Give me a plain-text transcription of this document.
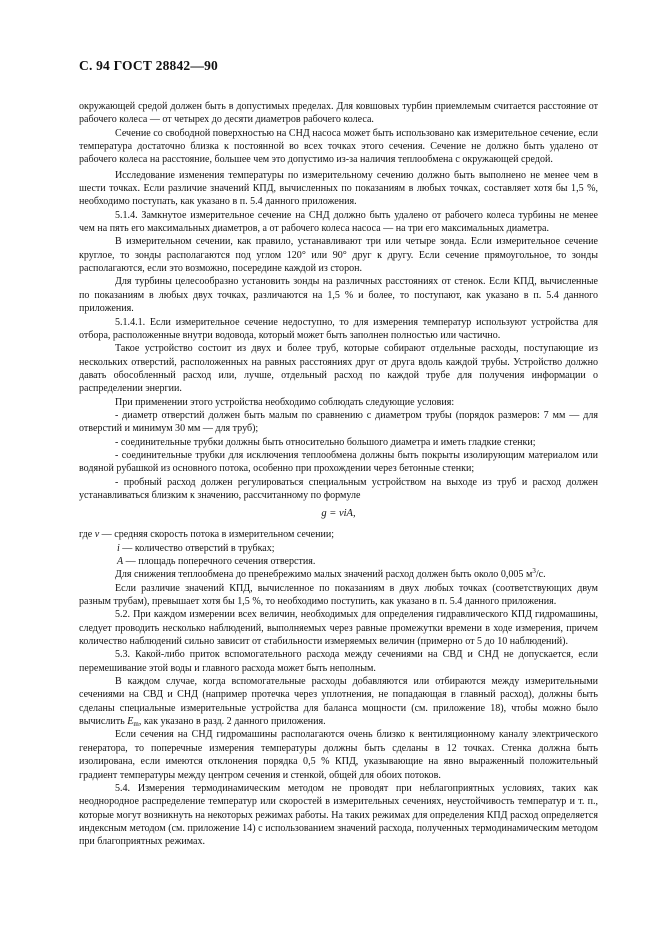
С. 94 ГОСТ 28842—90

окружающей средой должен быть в допустимых пределах. Для ковшовых турбин приемлемым считается расстояние от рабочего колеса — от четырех до десяти диаметров рабочего колеса.

Сечение со свободной поверхностью на СНД насоса может быть использовано как измерительное сечение, если температура достаточно близка к постоянной во всех точках этого сечения. Сечение не должно быть удалено от рабочего колеса на расстояние, большее чем это допустимо из-за наличия теплообмена с окружающей средой.

Исследование изменения температуры по измерительному сечению должно быть выполнено не менее чем в шести точках. Если различие значений КПД, вычисленных по показаниям в любых точках, составляет хотя бы 1,5 %, необходимо поступать, как указано в п. 5.4 данного приложения.

5.1.4. Замкнутое измерительное сечение на СНД должно быть удалено от рабочего колеса турбины не менее чем на пять его максимальных диаметров, а от рабочего колеса насоса — на три его максимальных диаметра.

В измерительном сечении, как правило, устанавливают три или четыре зонда. Если измерительное сечение круглое, то зонды располагаются под углом 120° или 90° друг к другу. Если сечение прямоугольное, то зонды располагаются, если это возможно, посередине каждой из сторон.

Для турбины целесообразно установить зонды на различных расстояниях от стенок. Если КПД, вычисленные по показаниям в любых двух точках, различаются на 1,5 % и более, то поступают, как указано в п. 5.4 данного приложения.

5.1.4.1. Если измерительное сечение недоступно, то для измерения температур используют устройства для отбора, расположенные внутри водовода, который может быть заполнен полностью или частично.

Такое устройство состоит из двух и более труб, которые собирают отдельные расходы, поступающие из нескольких отверстий, расположенных на равных расстояниях друг от друга вдоль каждой трубы. Устройство должно давать обособленный расход или, лучше, отдельный расход по каждой трубе для получения информации о распределении энергии.

При применении этого устройства необходимо соблюдать следующие условия:

- диаметр отверстий должен быть малым по сравнению с диаметром трубы (порядок размеров: 7 мм — для отверстий и минимум 30 мм — для труб);

- соединительные трубки должны быть относительно большого диаметра и иметь гладкие стенки;

- соединительные трубки для исключения теплообмена должны быть покрыты изолирующим материалом или водяной рубашкой из основного потока, особенно при прохождении через бетонные стенки;

- пробный расход должен регулироваться специальным устройством на выходе из труб и расход должен устанавливаться близким к значению, рассчитанному по формуле

g = viA,

где v — средняя скорость потока в измерительном сечении;

i — количество отверстий в трубках;

A — площадь поперечного сечения отверстия.

Для снижения теплообмена до пренебрежимо малых значений расход должен быть около 0,005 $м^3/с$.

Если различие значений КПД, вычисленное по показаниям в двух любых точках (соответствующих двум разным трубам), превышает хотя бы 1,5 %, то необходимо поступить, как указано в п. 5.4 данного приложения.

5.2. При каждом измерении всех величин, необходимых для определения гидравлического КПД гидромашины, следует проводить несколько наблюдений, выполняемых через равные промежутки времени в ходе измерения, причем количество наблюдений сильно зависит от стабильности измеряемых величин (примерно от 5 до 10 наблюдений).

5.3. Какой-либо приток вспомогательного расхода между сечениями на СВД и СНД не допускается, если перемешивание этой воды и главного расхода может быть неполным.

В каждом случае, когда вспомогательные расходы добавляются или отбираются между измерительными сечениями на СВД и СНД (например протечка через уплотнения, не попадающая в главный расход), должны быть сделаны специальные измерительные устройства для баланса мощности (см. приложение 18), чтобы можно было вычислить $E_m$, как указано в разд. 2 данного приложения.

Если сечения на СНД гидромашины располагаются очень близко к вентиляционному каналу электрического генератора, то поперечные измерения температуры должны быть сделаны в 12 точках. Стенка должна быть изолирована, если имеются отклонения порядка 0,5 % КПД, указывающие на явно выраженный положительный градиент температуры между центром сечения и стенкой, общей для обоих потоков.

5.4. Измерения термодинамическим методом не проводят при неблагоприятных условиях, таких как неоднородное распределение температур или скоростей в измерительных сечениях, неустойчивость температур и т. п., которые могут возникнуть на некоторых режимах работы. На таких режимах для определения КПД расход определяется индексным методом (см. приложение 14) с использованием значений расхода, полученных термодинамическим методом при благоприятных режимах.
